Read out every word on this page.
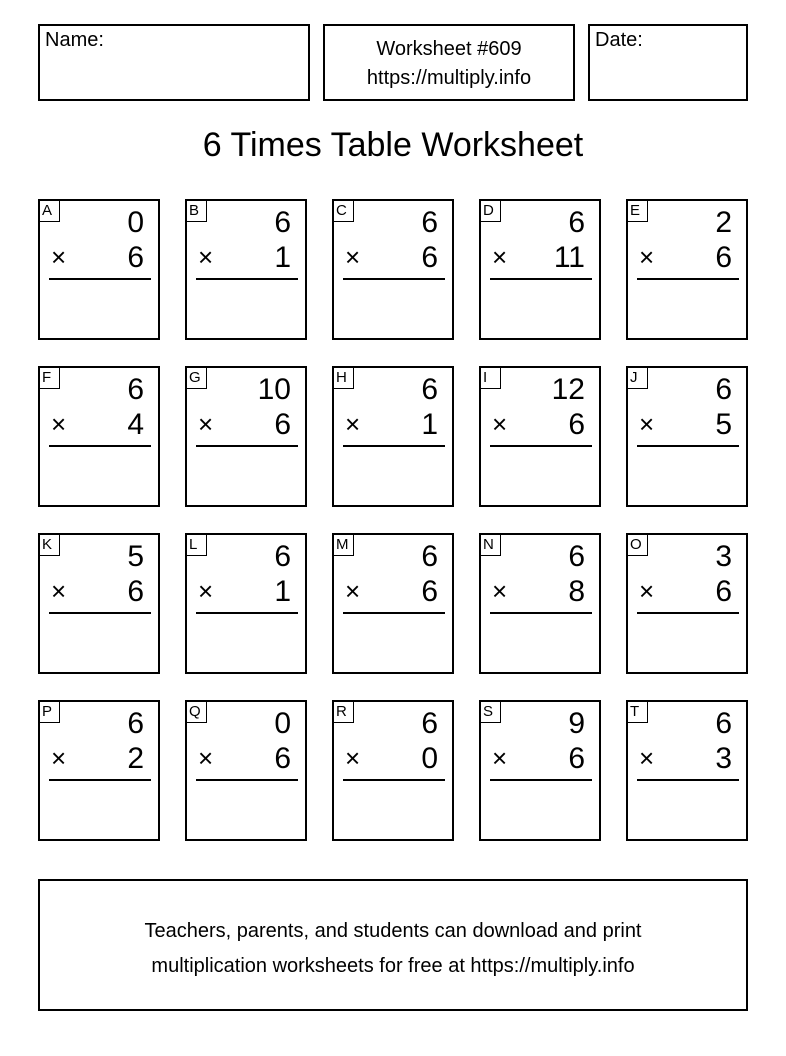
Name:	Worksheet #609
https://multiply.info
Date:
6 Times Table Worksheet
A	0
× 6
B	6
× 1
C 6
× 6
D 6
× 11
E	2
× 6
F	6
× 4
G 10
× 6
H 6
× 1
I	12
× 6
J	6
× 5
K	5
× 6
L	6
× 1
M 6
× 6
N 6
× 8
O 3
× 6
P	6
× 2
Q 0
× 6
R 6
× 0
S	9
× 6
T	6
× 3
Teachers, parents, and students can download and print
multiplication worksheets for free at https://multiply.info
